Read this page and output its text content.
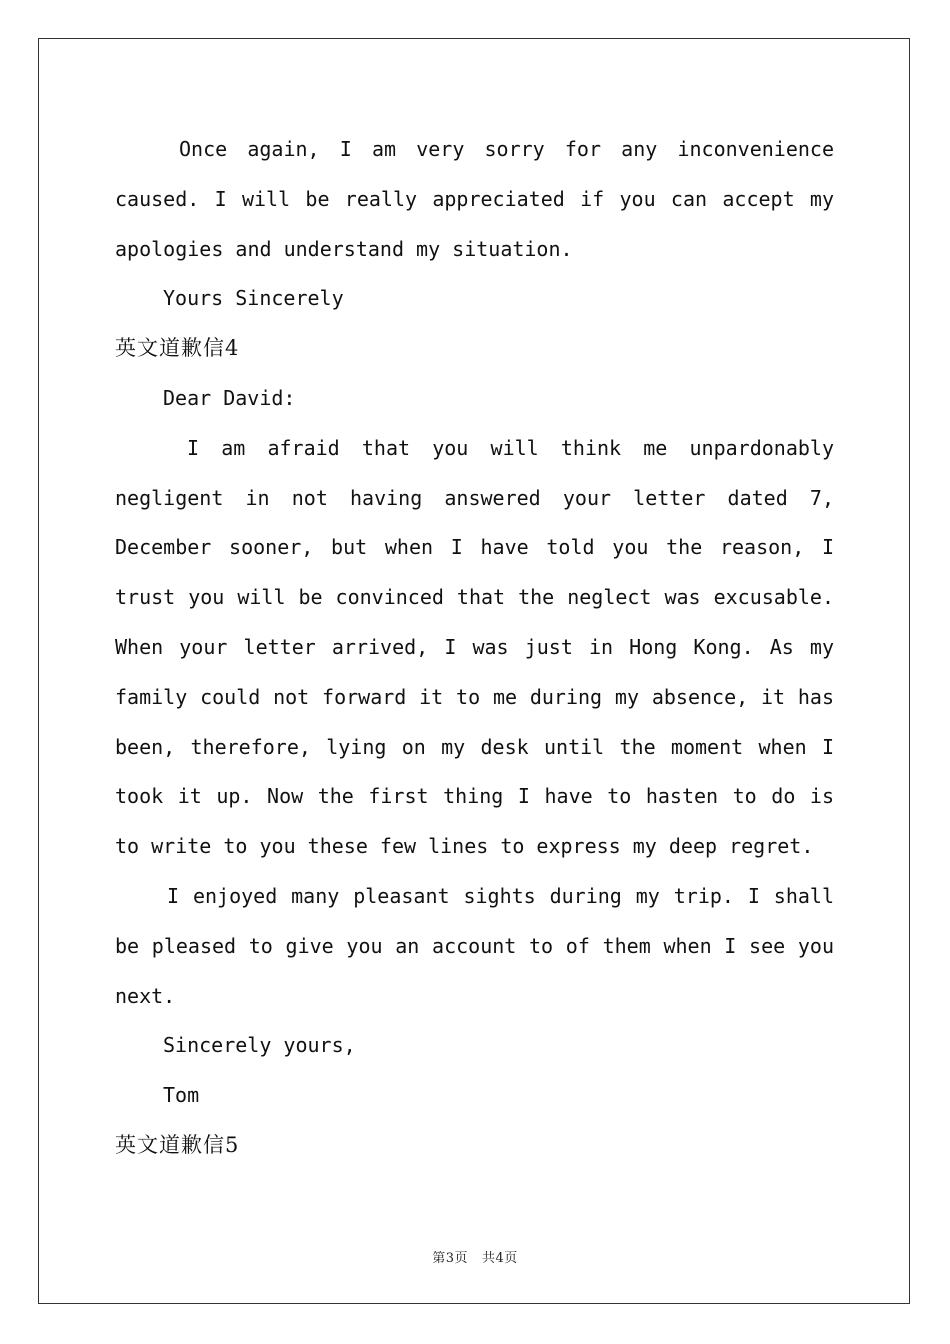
Once again, I am very sorry for any inconvenience caused. I will be really appreciated if you can accept my apologies and understand my situation.

Yours Sincerely

英文道歉信4

Dear David:

I am afraid that you will think me unpardonably negligent in not having answered your letter dated 7, December sooner, but when I have told you the reason, I trust you will be convinced that the neglect was excusable. When your letter arrived, I was just in Hong Kong. As my family could not forward it to me during my absence, it has been, therefore, lying on my desk until the moment when I took it up. Now the first thing I have to hasten to do is to write to you these few lines to express my deep regret.

I enjoyed many pleasant sights during my trip. I shall be pleased to give you an account to of them when I see you next.

Sincerely yours,

Tom

英文道歉信5

第3页 共4页
